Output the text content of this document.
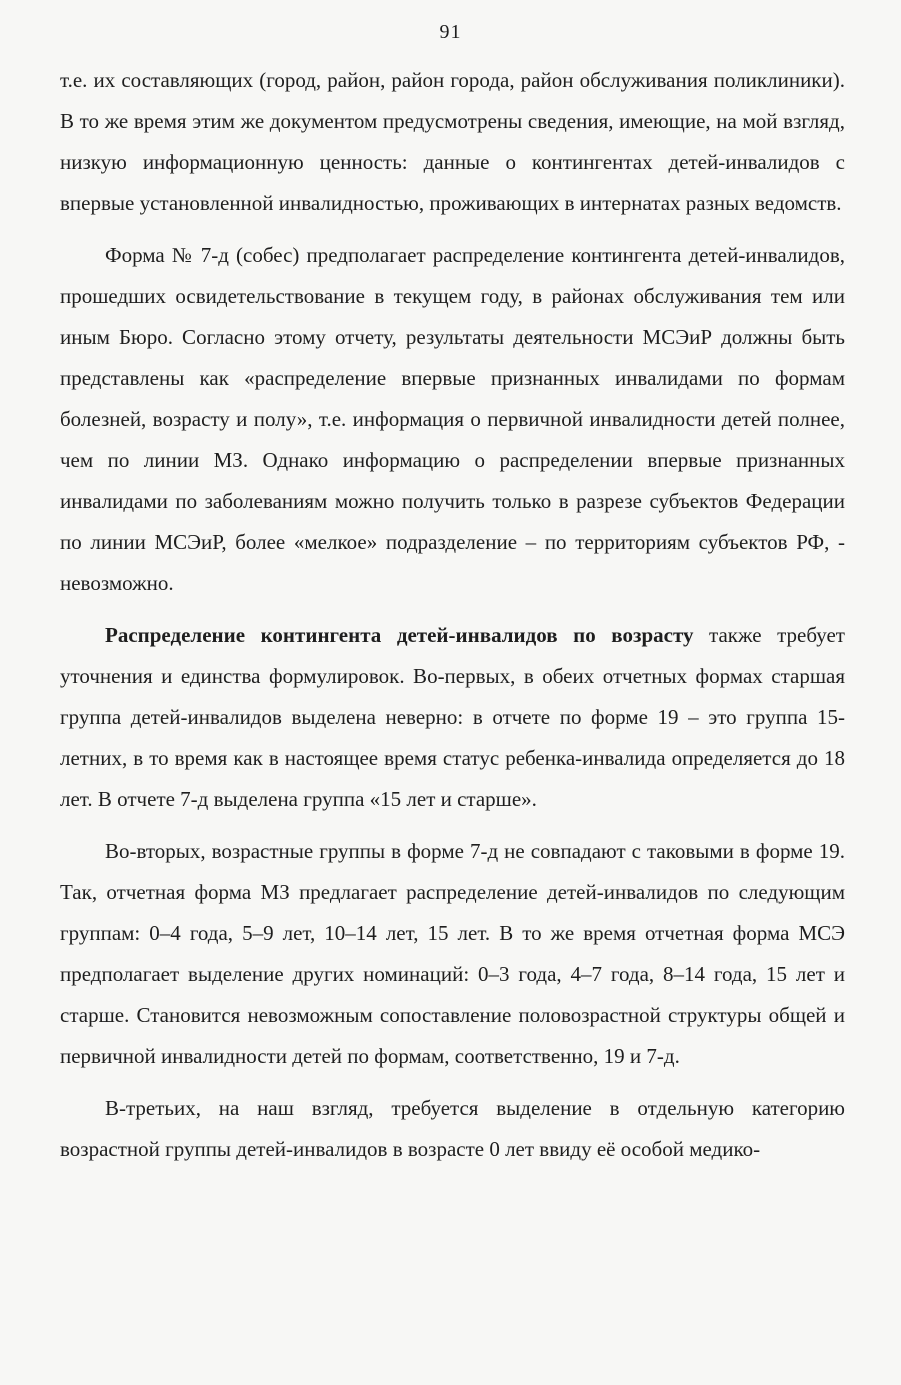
91

т.е. их составляющих (город, район, район города, район обслуживания поликлиники). В то же время этим же документом предусмотрены сведения, имеющие, на мой взгляд, низкую информационную ценность: данные о контингентах детей-инвалидов с впервые установленной инвалидностью, проживающих в интернатах разных ведомств.

Форма № 7-д (собес) предполагает распределение контингента детей-инвалидов, прошедших освидетельствование в текущем году, в районах обслуживания тем или иным Бюро. Согласно этому отчету, результаты деятельности МСЭиР должны быть представлены как «распределение впервые признанных инвалидами по формам болезней, возрасту и полу», т.е. информация о первичной инвалидности детей полнее, чем по линии МЗ. Однако информацию о распределении впервые признанных инвалидами по заболеваниям можно получить только в разрезе субъектов Федерации по линии МСЭиР, более «мелкое» подразделение – по территориям субъектов РФ, - невозможно.

Распределение контингента детей-инвалидов по возрасту также требует уточнения и единства формулировок. Во-первых, в обеих отчетных формах старшая группа детей-инвалидов выделена неверно: в отчете по форме 19 – это группа 15-летних, в то время как в настоящее время статус ребенка-инвалида определяется до 18 лет. В отчете 7-д выделена группа «15 лет и старше».

Во-вторых, возрастные группы в форме 7-д не совпадают с таковыми в форме 19. Так, отчетная форма МЗ предлагает распределение детей-инвалидов по следующим группам: 0–4 года, 5–9 лет, 10–14 лет, 15 лет. В то же время отчетная форма МСЭ предполагает выделение других номинаций: 0–3 года, 4–7 года, 8–14 года, 15 лет и старше. Становится невозможным сопоставление половозрастной структуры общей и первичной инвалидности детей по формам, соответственно, 19 и 7-д.

В-третьих, на наш взгляд, требуется выделение в отдельную категорию возрастной группы детей-инвалидов в возрасте 0 лет ввиду её особой медико-
